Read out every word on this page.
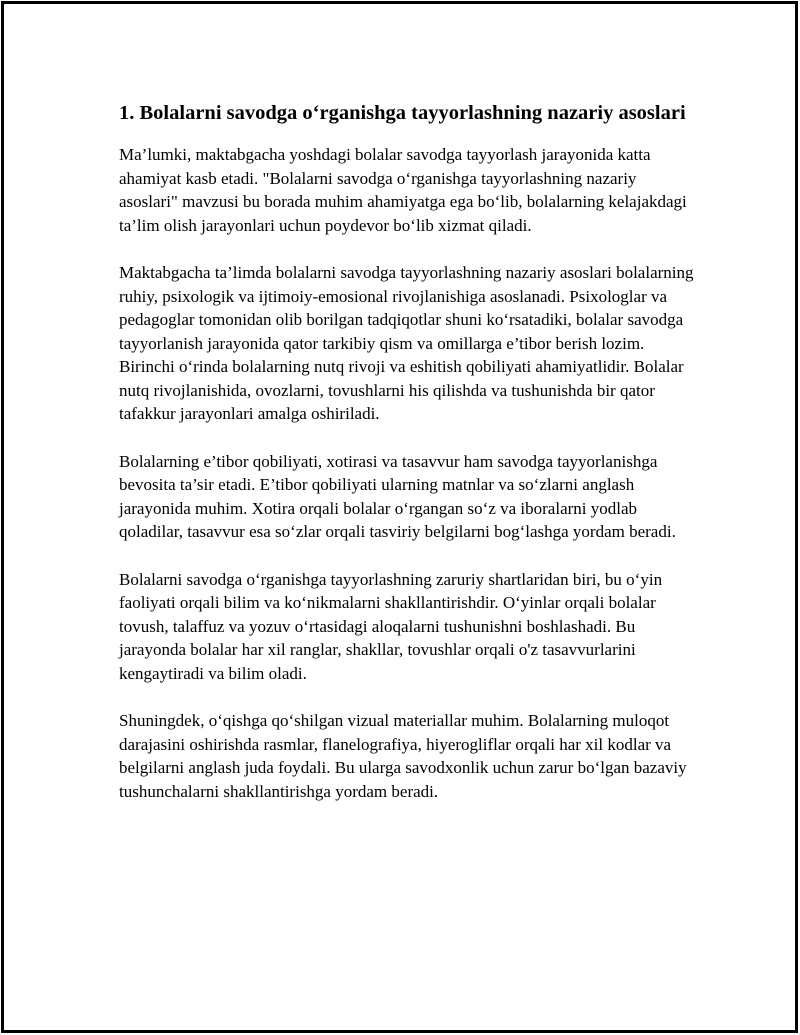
1. Bolalarni savodga o‘rganishga tayyorlashning nazariy asoslari

Ma’lumki, maktabgacha yoshdagi bolalar savodga tayyorlash jarayonida katta ahamiyat kasb etadi. "Bolalarni savodga o‘rganishga tayyorlashning nazariy asoslari" mavzusi bu borada muhim ahamiyatga ega bo‘lib, bolalarning kelajakdagi ta’lim olish jarayonlari uchun poydevor bo‘lib xizmat qiladi.

Maktabgacha ta’limda bolalarni savodga tayyorlashning nazariy asoslari bolalarning ruhiy, psixologik va ijtimoiy-emosional rivojlanishiga asoslanadi. Psixologlar va pedagoglar tomonidan olib borilgan tadqiqotlar shuni ko‘rsatadiki, bolalar savodga tayyorlanish jarayonida qator tarkibiy qism va omillarga e’tibor berish lozim. Birinchi o‘rinda bolalarning nutq rivoji va eshitish qobiliyati ahamiyatlidir. Bolalar nutq rivojlanishida, ovozlarni, tovushlarni his qilishda va tushunishda bir qator tafakkur jarayonlari amalga oshiriladi.

Bolalarning e’tibor qobiliyati, xotirasi va tasavvur ham savodga tayyorlanishga bevosita ta’sir etadi. E’tibor qobiliyati ularning matnlar va so‘zlarni anglash jarayonida muhim. Xotira orqali bolalar o‘rgangan so‘z va iboralarni yodlab qoladilar, tasavvur esa so‘zlar orqali tasviriy belgilarni bog‘lashga yordam beradi.

Bolalarni savodga o‘rganishga tayyorlashning zaruriy shartlaridan biri, bu o‘yin faoliyati orqali bilim va ko‘nikmalarni shakllantirishdir. O‘yinlar orqali bolalar tovush, talaffuz va yozuv o‘rtasidagi aloqalarni tushunishni boshlashadi. Bu jarayonda bolalar har xil ranglar, shakllar, tovushlar orqali o'z tasavvurlarini kengaytiradi va bilim oladi.

Shuningdek, o‘qishga qo‘shilgan vizual materiallar muhim. Bolalarning muloqot darajasini oshirishda rasmlar, flanelografiya, hiyerogliflar orqali har xil kodlar va belgilarni anglash juda foydali. Bu ularga savodxonlik uchun zarur bo‘lgan bazaviy tushunchalarni shakllantirishga yordam beradi.
